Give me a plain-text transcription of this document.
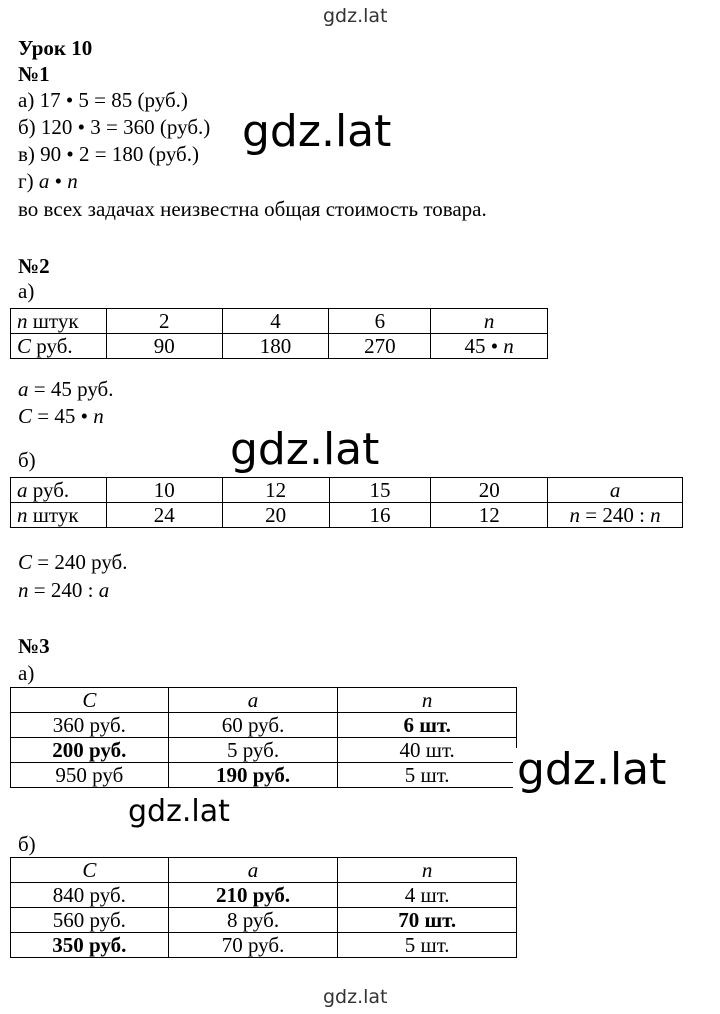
gdz.lat
Урок 10
№1
а) 17 • 5 = 85 (руб.)
б) 120 • 3 = 360 (руб.)
в) 90 • 2 = 180 (руб.)
г) a • n
во всех задачах неизвестна общая стоимость товара.
gdz.lat
№2
а)
n штук	2	4	6	n
C руб.	90	180	270	45 • n
a = 45 руб.
C = 45 • n
б)	gdz.lat
a руб.	10	12	15	20	a
n штук	24	20	16	12	n = 240 : n
C = 240 руб.
n = 240 : a
№3
а)
C	a	n
360 руб.	60 руб.	6 шт.
200 руб.	5 руб.	40 шт.
950 руб	190 руб.	5 шт. gdz.lat
gdz.lat
б)
C	a	n
840 руб.	210 руб.	4 шт.
560 руб.	8 руб.	70 шт.
350 руб.	70 руб.	5 шт.
gdz.lat
